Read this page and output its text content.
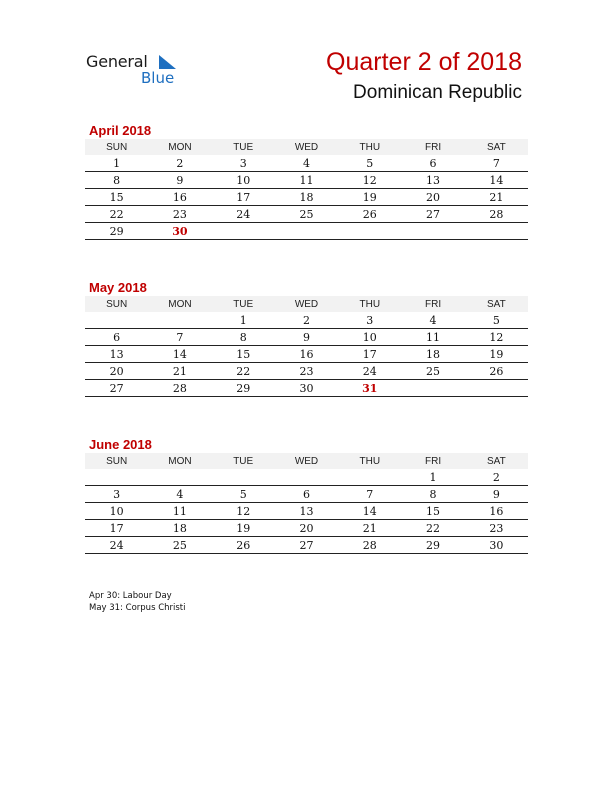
General
Blue
Quarter 2 of 2018
Dominican Republic
April 2018
SUN	MON	TUE	WED	THU	FRI	SAT
1	2	3	4	5	6	7
8	9	10	11	12	13	14
15	16	17	18	19	20	21
22	23	24	25	26	27	28
29	30					
May 2018
SUN	MON	TUE	WED	THU	FRI	SAT
		1	2	3	4	5
6	7	8	9	10	11	12
13	14	15	16	17	18	19
20	21	22	23	24	25	26
27	28	29	30	31		
June 2018
SUN	MON	TUE	WED	THU	FRI	SAT
					1	2
3	4	5	6	7	8	9
10	11	12	13	14	15	16
17	18	19	20	21	22	23
24	25	26	27	28	29	30
Apr 30: Labour Day
May 31: Corpus Christi
